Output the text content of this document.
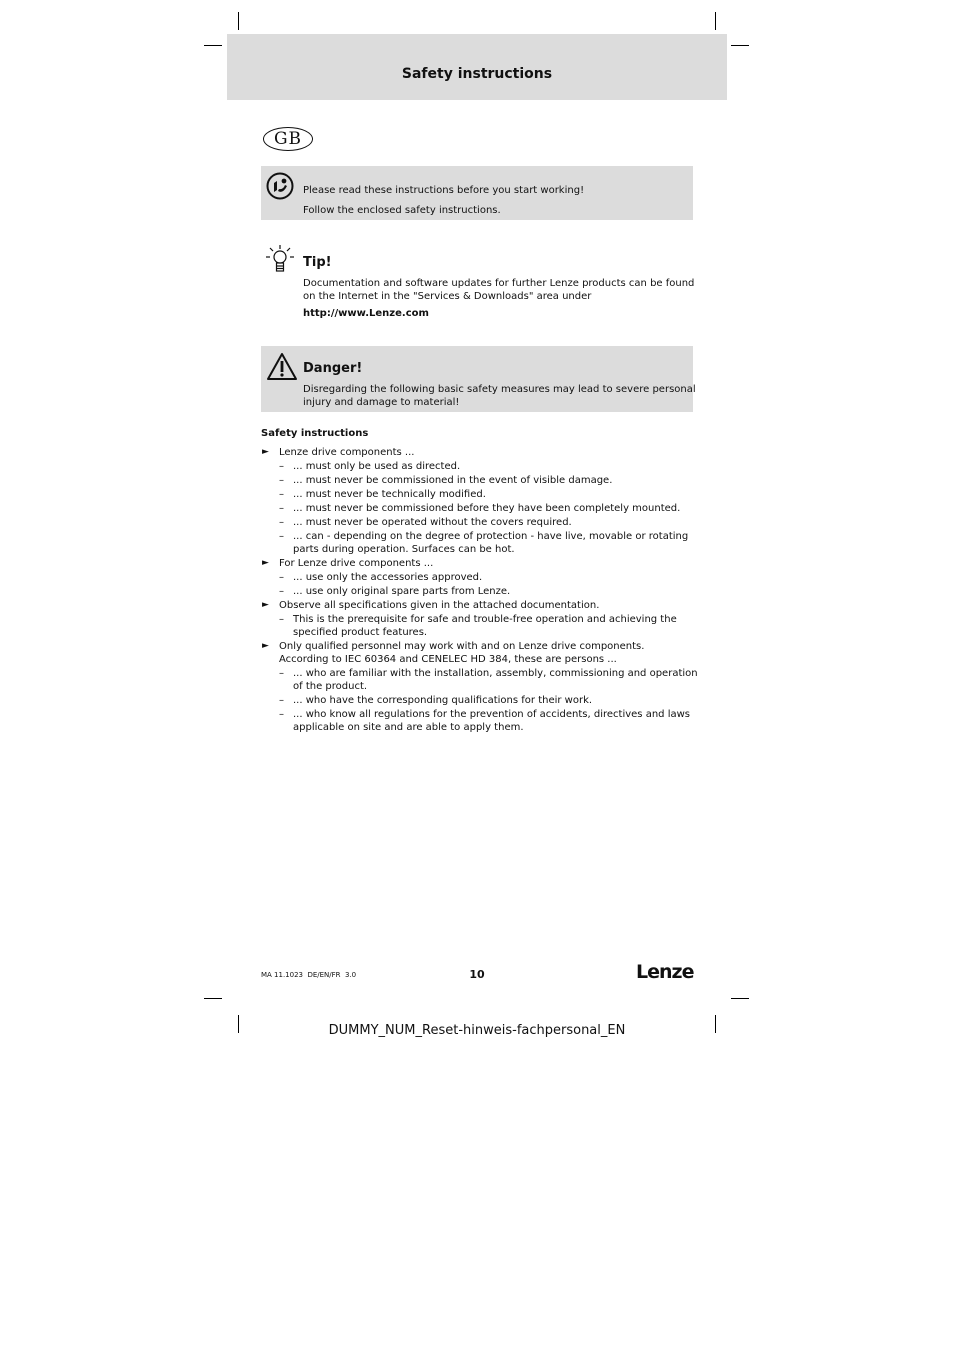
Safety instructions
GB
Please read these instructions before you start working!
Follow the enclosed safety instructions.
Tip!
Documentation and software updates for further Lenze products can be found
on the Internet in the "Services & Downloads" area under
http://www.Lenze.com
Danger!
Disregarding the following basic safety measures may lead to severe personal
injury and damage to material!
Safety instructions
► Lenze drive components ...
– ... must only be used as directed.
– ... must never be commissioned in the event of visible damage.
– ... must never be technically modified.
– ... must never be commissioned before they have been completely mounted.
– ... must never be operated without the covers required.
– ... can - depending on the degree of protection - have live, movable or rotating
parts during operation. Surfaces can be hot.
► For Lenze drive components ...
– ... use only the accessories approved.
– ... use only original spare parts from Lenze.
► Observe all specifications given in the attached documentation.
– This is the prerequisite for safe and trouble-free operation and achieving the
specified product features.
► Only qualified personnel may work with and on Lenze drive components.
According to IEC 60364 and CENELEC HD 384, these are persons ...
– ... who are familiar with the installation, assembly, commissioning and operation
of the product.
– ... who have the corresponding qualifications for their work.
– ... who know all regulations for the prevention of accidents, directives and laws
applicable on site and are able to apply them.
MA 11.1023  DE/EN/FR  3.0	10	Lenze
DUMMY_NUM_Reset-hinweis-fachpersonal_EN
